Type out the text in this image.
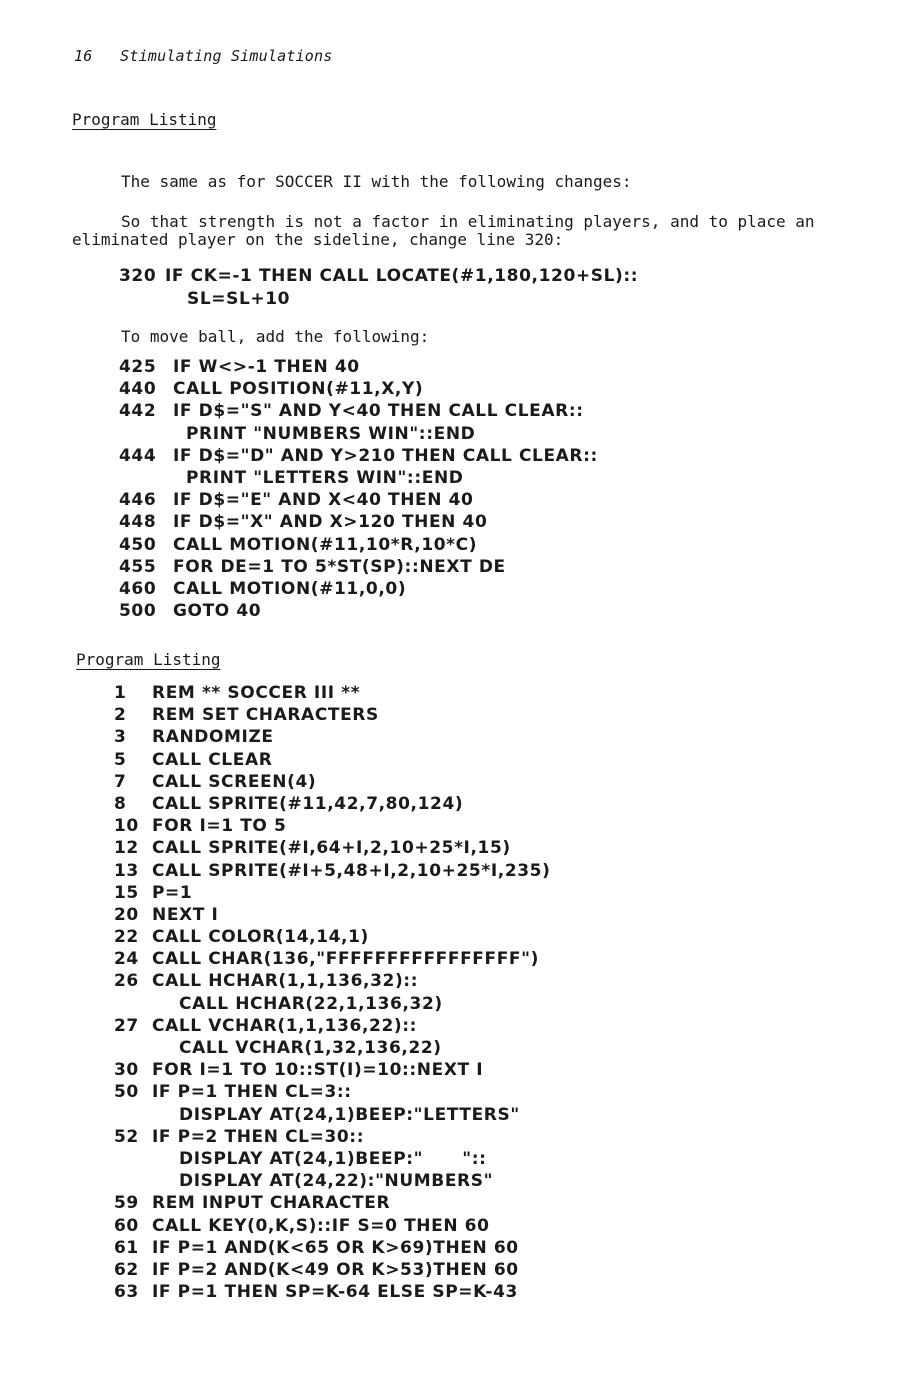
16 Stimulating Simulations
Program Listing
The same as for SOCCER II with the following changes:
So that strength is not a factor in eliminating players, and to place an
eliminated player on the sideline, change line 320:
320 IF CK=-1 THEN CALL LOCATE(#1,180,120+SL)::
SL=SL+10
To move ball, add the following:
425 IF W<>-1 THEN 40
440 CALL POSITION(#11,X,Y)
442 IF D$="S" AND Y<40 THEN CALL CLEAR::
PRINT "NUMBERS WIN"::END
444 IF D$="D" AND Y>210 THEN CALL CLEAR::
PRINT "LETTERS WIN"::END
446 IF D$="E" AND X<40 THEN 40
448 IF D$="X" AND X>120 THEN 40
450 CALL MOTION(#11,10*R,10*C)
455 FOR DE=1 TO 5*ST(SP)::NEXT DE
460 CALL MOTION(#11,0,0)
500 GOTO 40
Program Listing
1 REM ** SOCCER III **
2 REM SET CHARACTERS
3 RANDOMIZE
5 CALL CLEAR
7 CALL SCREEN(4)
8 CALL SPRITE(#11,42,7,80,124)
10 FOR I=1 TO 5
12 CALL SPRITE(#I,64+I,2,10+25*I,15)
13 CALL SPRITE(#I+5,48+I,2,10+25*I,235)
15 P=1
20 NEXT I
22 CALL COLOR(14,14,1)
24 CALL CHAR(136,"FFFFFFFFFFFFFFFF")
26 CALL HCHAR(1,1,136,32)::
CALL HCHAR(22,1,136,32)
27 CALL VCHAR(1,1,136,22)::
CALL VCHAR(1,32,136,22)
30 FOR I=1 TO 10::ST(I)=10::NEXT I
50 IF P=1 THEN CL=3::
DISPLAY AT(24,1)BEEP:"LETTERS"
52 IF P=2 THEN CL=30::
DISPLAY AT(24,1)BEEP:"      "::
DISPLAY AT(24,22):"NUMBERS"
59 REM INPUT CHARACTER
60 CALL KEY(0,K,S)::IF S=0 THEN 60
61 IF P=1 AND(K<65 OR K>69)THEN 60
62 IF P=2 AND(K<49 OR K>53)THEN 60
63 IF P=1 THEN SP=K-64 ELSE SP=K-43
